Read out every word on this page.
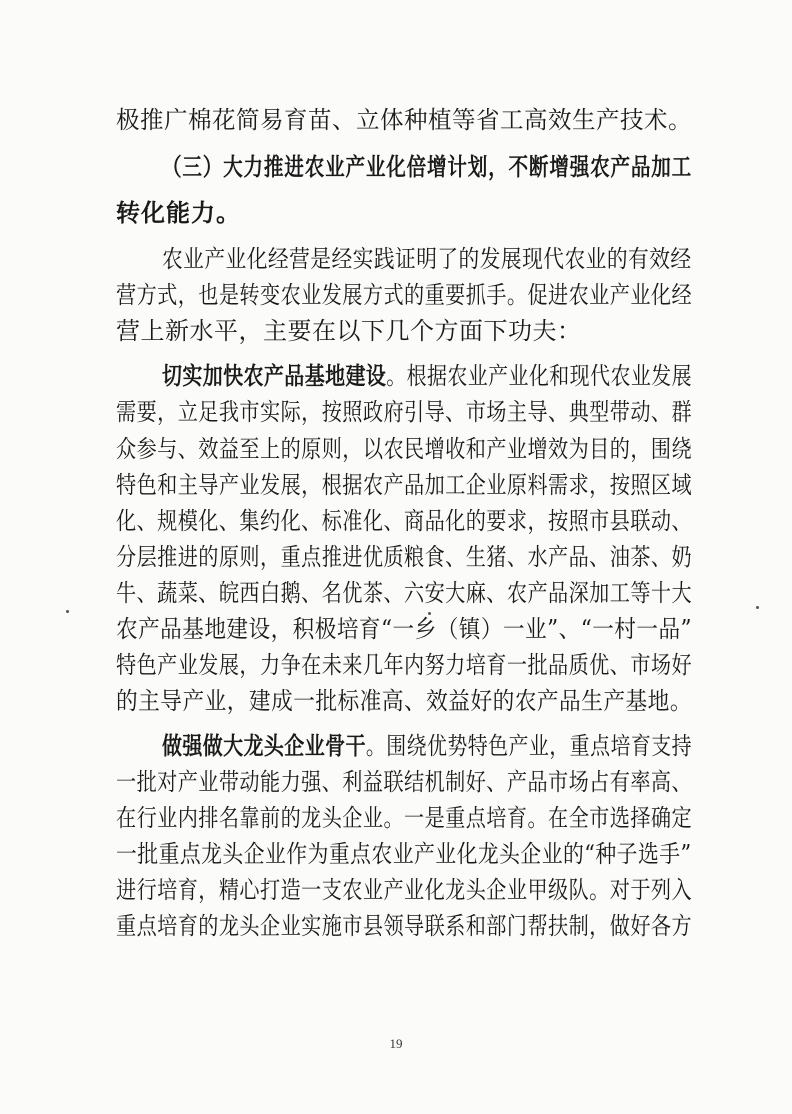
极推广棉花简易育苗、立体种植等省工高效生产技术。
（三）大力推进农业产业化倍增计划，不断增强农产品加工
转化能力。
农业产业化经营是经实践证明了的发展现代农业的有效经
营方式，也是转变农业发展方式的重要抓手。促进农业产业化经
营上新水平，主要在以下几个方面下功夫：
切实加快农产品基地建设。根据农业产业化和现代农业发展
需要，立足我市实际，按照政府引导、市场主导、典型带动、群
众参与、效益至上的原则，以农民增收和产业增效为目的，围绕
特色和主导产业发展，根据农产品加工企业原料需求，按照区域
化、规模化、集约化、标准化、商品化的要求，按照市县联动、
分层推进的原则，重点推进优质粮食、生猪、水产品、油茶、奶
牛、蔬菜、皖西白鹅、名优茶、六安大麻、农产品深加工等十大
农产品基地建设，积极培育“一乡（镇）一业”、“一村一品”
特色产业发展，力争在未来几年内努力培育一批品质优、市场好
的主导产业，建成一批标准高、效益好的农产品生产基地。
做强做大龙头企业骨干。围绕优势特色产业，重点培育支持
一批对产业带动能力强、利益联结机制好、产品市场占有率高、
在行业内排名靠前的龙头企业。一是重点培育。在全市选择确定
一批重点龙头企业作为重点农业产业化龙头企业的“种子选手”
进行培育，精心打造一支农业产业化龙头企业甲级队。对于列入
重点培育的龙头企业实施市县领导联系和部门帮扶制，做好各方
19
